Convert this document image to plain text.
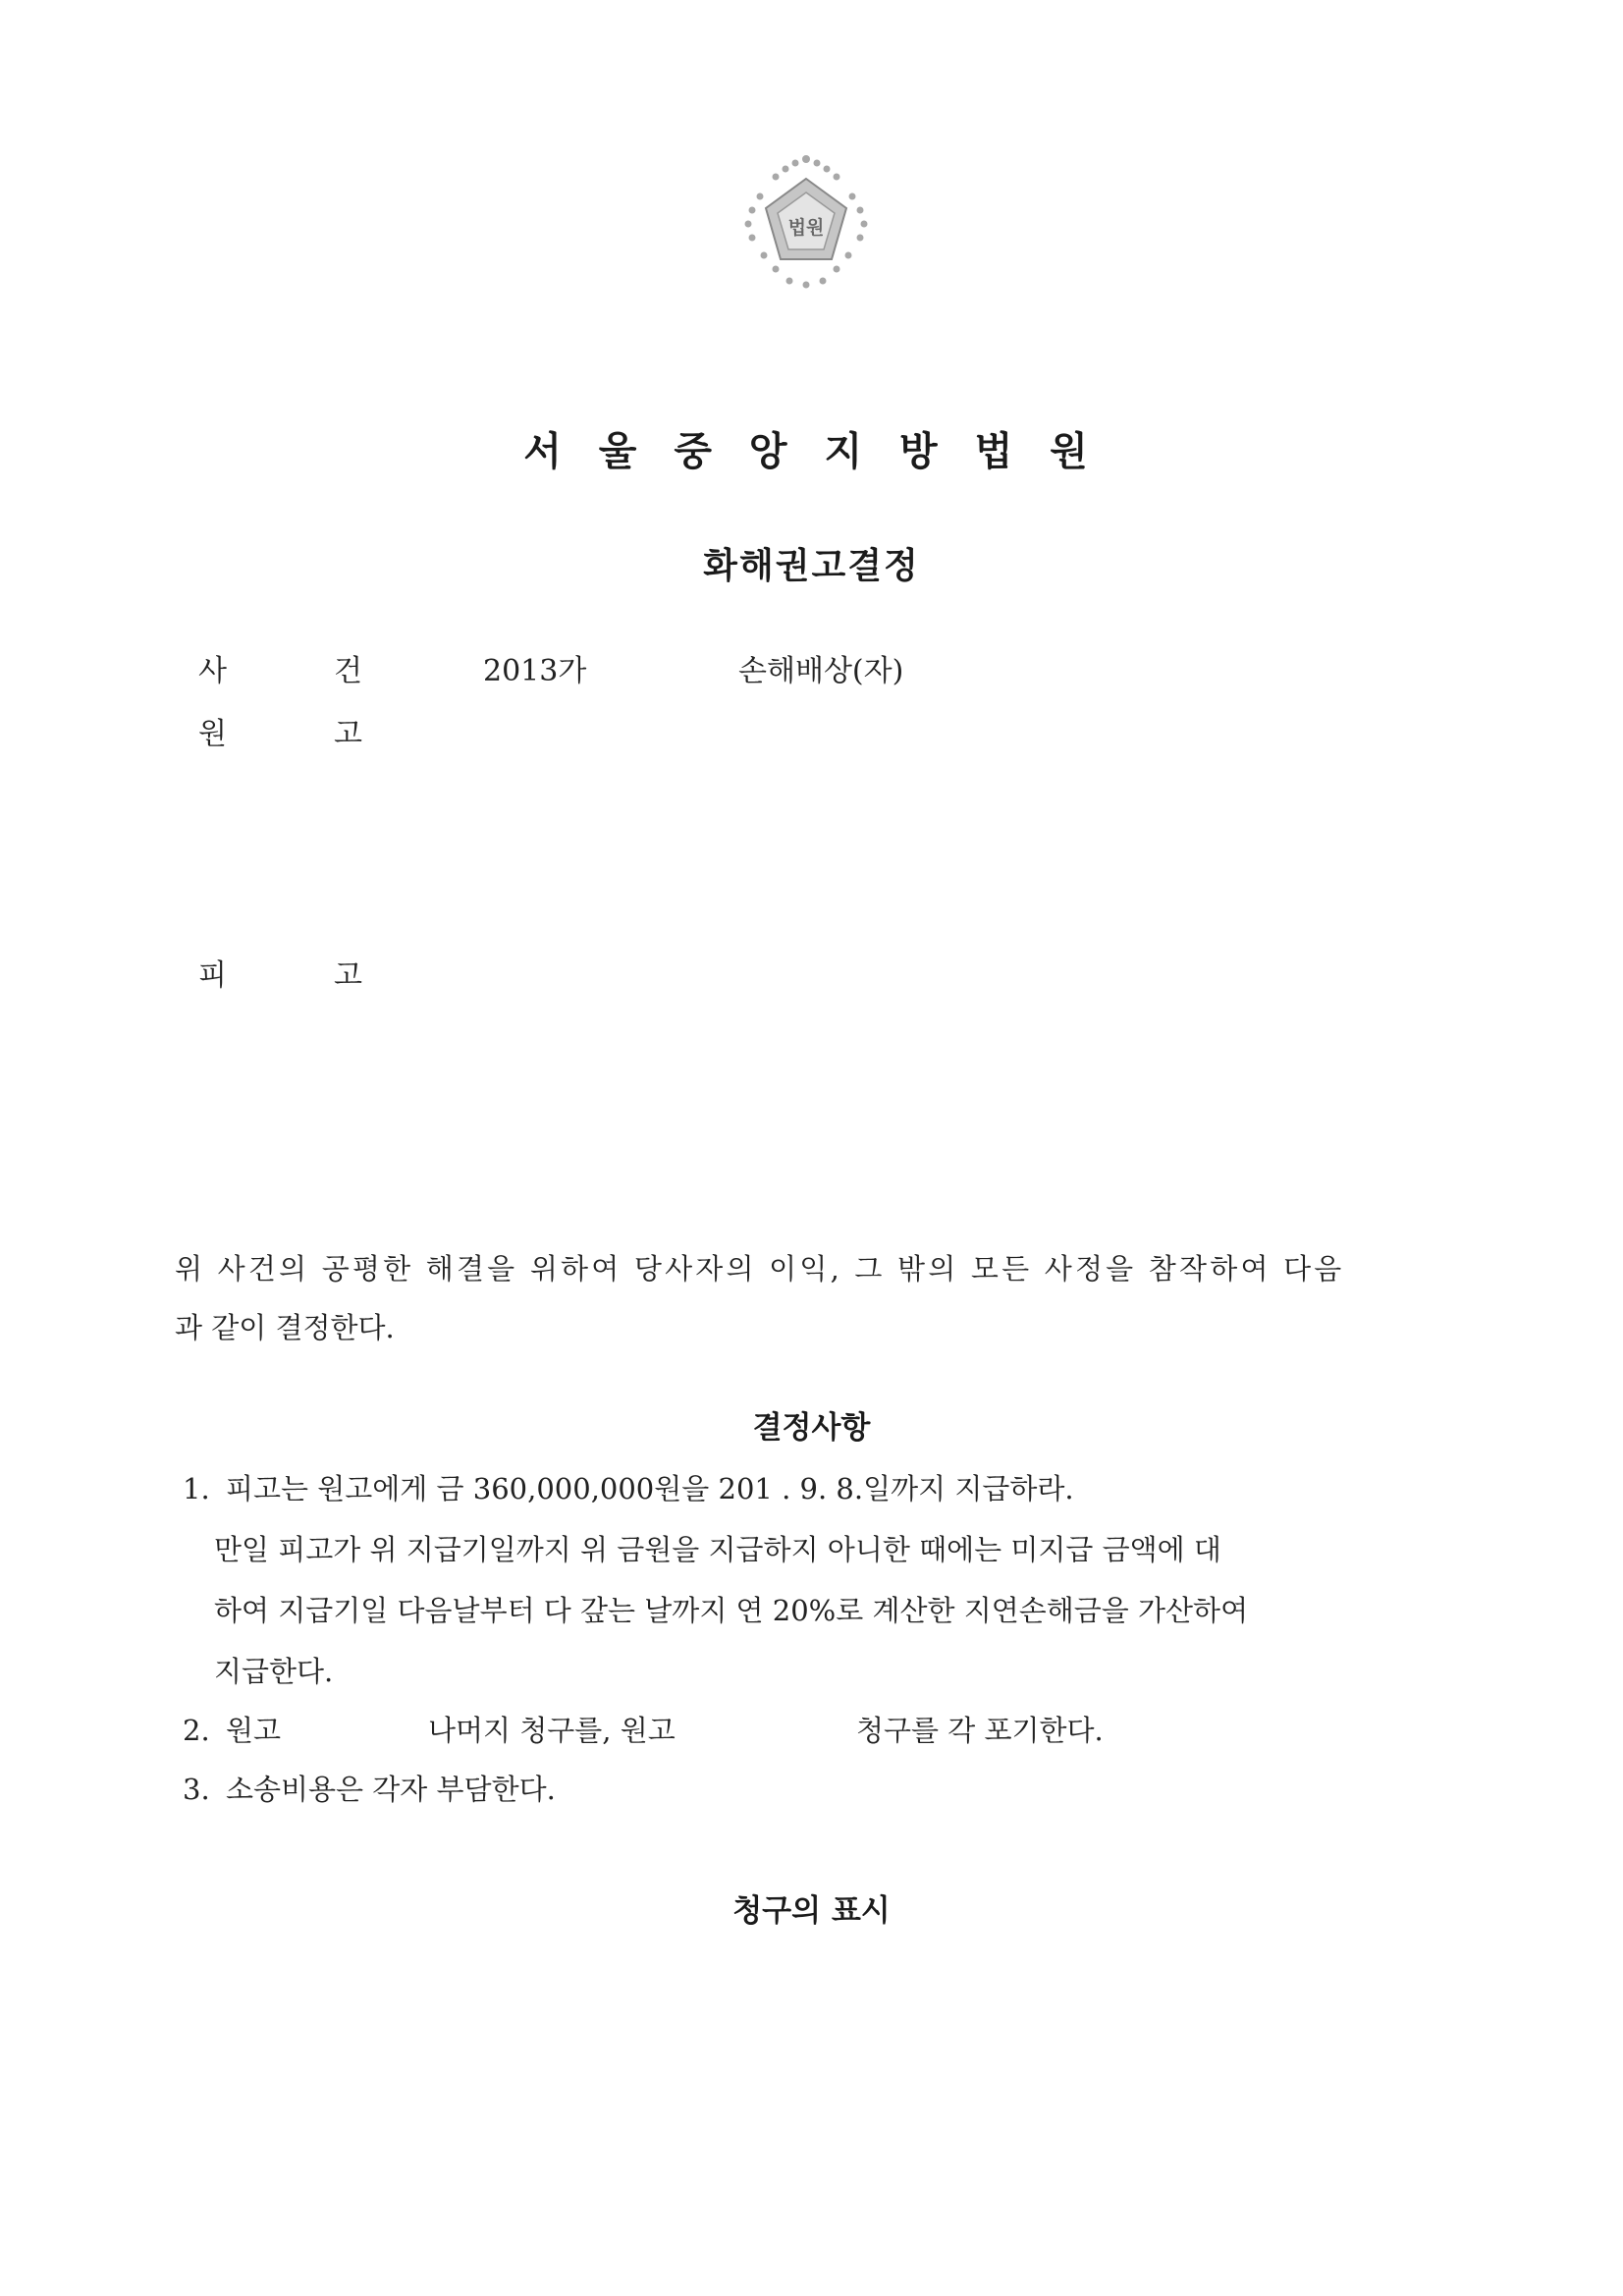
법원
서 울 중 앙 지 방 법 원
화해권고결정
사	건	2013가	손해배상(자)
원	고
피	고
위 사건의 공평한 해결을 위하여 당사자의 이익, 그 밖의 모든 사정을 참작하여 다음
과 같이 결정한다.
결정사항
1. 피고는 원고에게 금 360,000,000원을 201 . 9. 8.일까지 지급하라.
만일 피고가 위 지급기일까지 위 금원을 지급하지 아니한 때에는 미지급 금액에 대
하여 지급기일 다음날부터 다 갚는 날까지 연 20%로 계산한 지연손해금을 가산하여
지급한다.
2. 원고	나머지 청구를, 원고	청구를 각 포기한다.
3. 소송비용은 각자 부담한다.
청구의 표시
